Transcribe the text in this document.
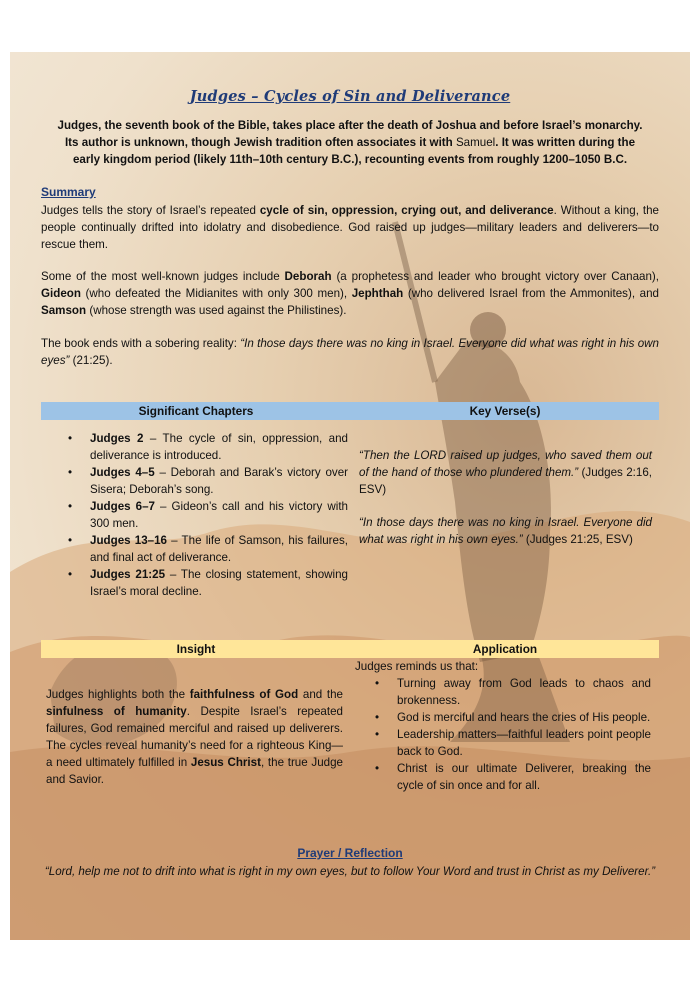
Judges – Cycles of Sin and Deliverance
Judges, the seventh book of the Bible, takes place after the death of Joshua and before Israel’s monarchy.
Its author is unknown, though Jewish tradition often associates it with Samuel. It was written during the
early kingdom period (likely 11th–10th century B.C.), recounting events from roughly 1200–1050 B.C.
Summary
Judges tells the story of Israel’s repeated cycle of sin, oppression, crying out, and deliverance. Without a king, the people continually drifted into idolatry and disobedience. God raised up judges—military leaders and deliverers—to rescue them.
Some of the most well-known judges include Deborah (a prophetess and leader who brought victory over Canaan), Gideon (who defeated the Midianites with only 300 men), Jephthah (who delivered Israel from the Ammonites), and Samson (whose strength was used against the Philistines).
The book ends with a sobering reality: “In those days there was no king in Israel. Everyone did what was right in his own eyes” (21:25).
Significant Chapters	Key Verse(s)
• Judges 2 – The cycle of sin, oppression, and deliverance is introduced.
• Judges 4–5 – Deborah and Barak’s victory over Sisera; Deborah’s song.
• Judges 6–7 – Gideon’s call and his victory with 300 men.
• Judges 13–16 – The life of Samson, his failures, and final act of deliverance.
• Judges 21:25 – The closing statement, showing Israel’s moral decline.
“Then the LORD raised up judges, who saved them out of the hand of those who plundered them.” (Judges 2:16, ESV)
“In those days there was no king in Israel. Everyone did what was right in his own eyes.” (Judges 21:25, ESV)
Insight	Application
Judges highlights both the faithfulness of God and the sinfulness of humanity. Despite Israel’s repeated failures, God remained merciful and raised up deliverers. The cycles reveal humanity’s need for a righteous King—a need ultimately fulfilled in Jesus Christ, the true Judge and Savior.
Judges reminds us that:
• Turning away from God leads to chaos and brokenness.
• God is merciful and hears the cries of His people.
• Leadership matters—faithful leaders point people back to God.
• Christ is our ultimate Deliverer, breaking the cycle of sin once and for all.
Prayer / Reflection
“Lord, help me not to drift into what is right in my own eyes, but to follow Your Word and trust in Christ as my Deliverer.”
